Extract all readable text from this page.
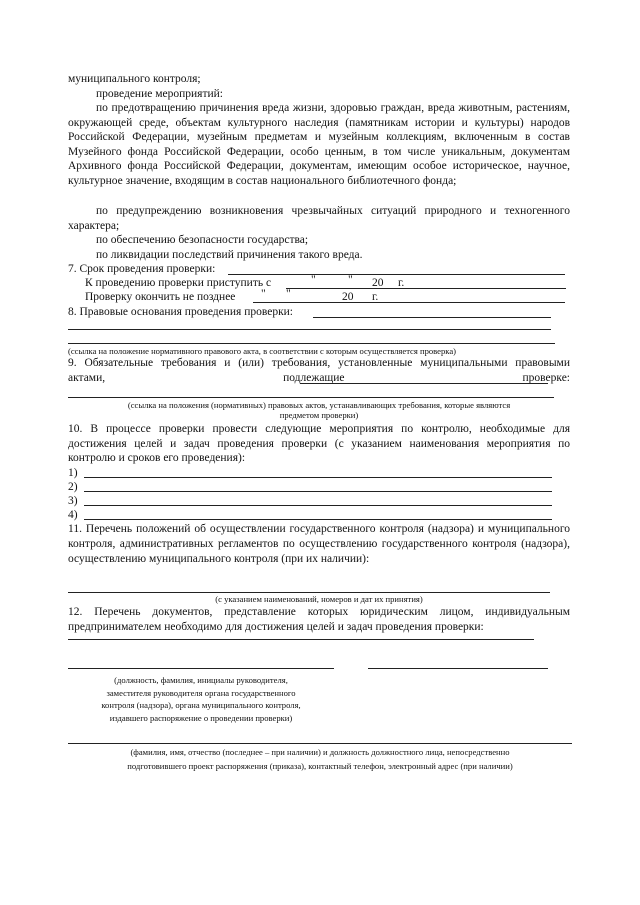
муниципального контроля;
проведение мероприятий:
по предотвращению причинения вреда жизни, здоровью граждан, вреда животным, растениям, окружающей среде, объектам культурного наследия (памятникам истории и культуры) народов Российской Федерации, музейным предметам и музейным коллекциям, включенным в состав Музейного фонда Российской Федерации, особо ценным, в том числе уникальным, документам Архивного фонда Российской Федерации, документам, имеющим особое историческое, научное, культурное значение, входящим в состав национального библиотечного фонда;
по предупреждению возникновения чрезвычайных ситуаций природного и техногенного характера;
по обеспечению безопасности государства;
по ликвидации последствий причинения такого вреда.
7. Срок проведения проверки:
К проведению проверки приступить с	"	" 20 г.
Проверку окончить не позднее " "	20 г.
8. Правовые основания проведения проверки:
(ссылка на положение нормативного правового акта, в соответствии с которым осуществляется проверка)
9. Обязательные требования и (или) требования, установленные муниципальными правовыми актами, подлежащие проверке:
(ссылка на положения (нормативных) правовых актов, устанавливающих требования, которые являются
предметом проверки)
10. В процессе проверки провести следующие мероприятия по контролю, необходимые для достижения целей и задач проведения проверки (с указанием наименования мероприятия по контролю и сроков его проведения):
1)
2)
3)
4)
11. Перечень положений об осуществлении государственного контроля (надзора) и муниципального контроля, административных регламентов по осуществлению государственного контроля (надзора), осуществлению муниципального контроля (при их наличии):
(с указанием наименований, номеров и дат их принятия)
12. Перечень документов, представление которых юридическим лицом, индивидуальным предпринимателем необходимо для достижения целей и задач проведения проверки:
(должность, фамилия, инициалы руководителя,
заместителя руководителя органа государственного
контроля (надзора), органа муниципального контроля,
издавшего распоряжение о проведении проверки)
(фамилия, имя, отчество (последнее – при наличии) и должность должностного лица, непосредственно
подготовившего проект распоряжения (приказа), контактный телефон, электронный адрес (при наличии)
